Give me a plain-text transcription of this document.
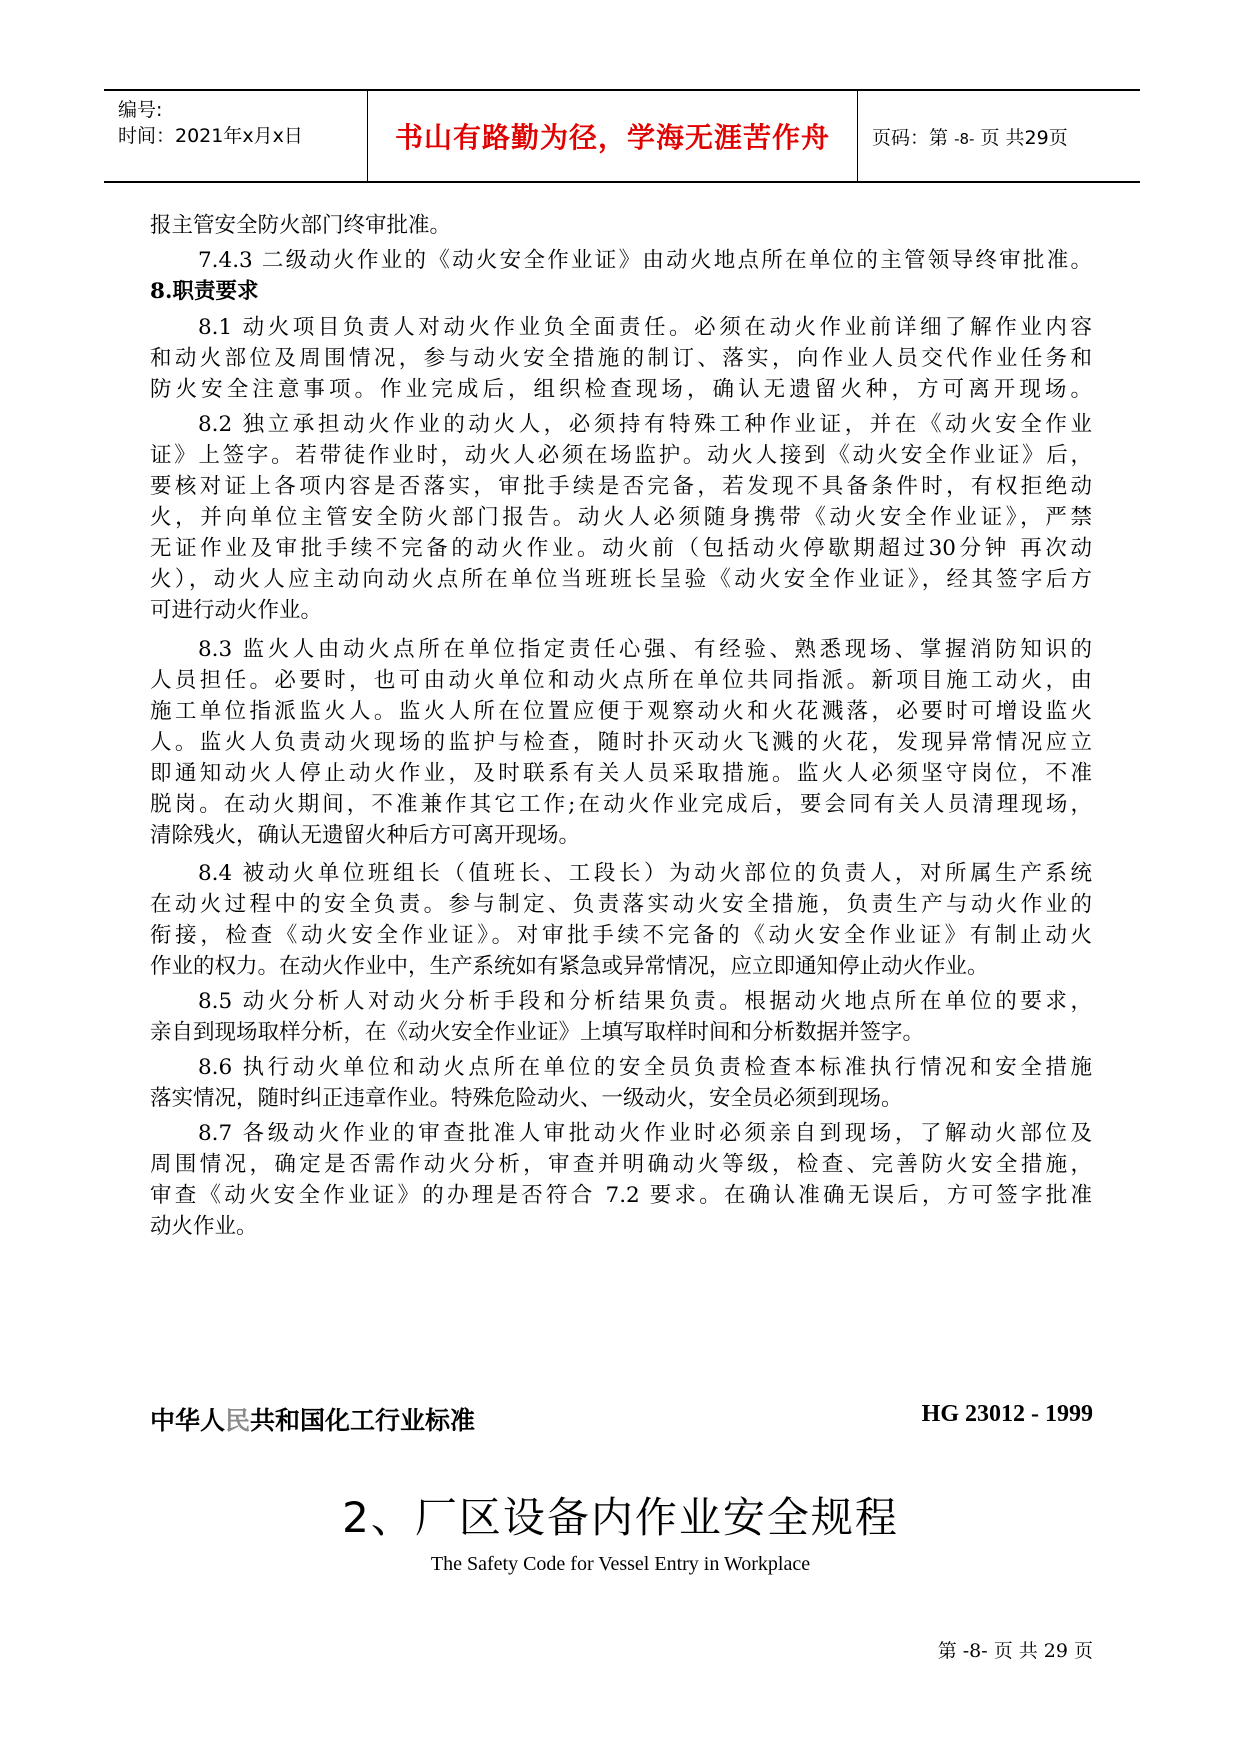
编号:
时间：2021年x月x日	书山有路勤为径，学海无涯苦作舟 页码：第 -8- 页 共29页
报主管安全防火部门终审批准。
7.4.3 二级动火作业的《动火安全作业证》由动火地点所在单位的主管领导终审批准。
8.职责要求
8.1 动火项目负责人对动火作业负全面责任。必须在动火作业前详细了解作业内容
和动火部位及周围情况，参与动火安全措施的制订、落实，向作业人员交代作业任务和
防火安全注意事项。作业完成后，组织检查现场，确认无遗留火种，方可离开现场。
8.2 独立承担动火作业的动火人，必须持有特殊工种作业证，并在《动火安全作业
证》上签字。若带徒作业时，动火人必须在场监护。动火人接到《动火安全作业证》后，
要核对证上各项内容是否落实，审批手续是否完备，若发现不具备条件时，有权拒绝动
火，并向单位主管安全防火部门报告。动火人必须随身携带《动火安全作业证》，严禁
无证作业及审批手续不完备的动火作业。动火前（包括动火停歇期超过30分钟 再次动
火），动火人应主动向动火点所在单位当班班长呈验《动火安全作业证》，经其签字后方
可进行动火作业。
8.3 监火人由动火点所在单位指定责任心强、有经验、熟悉现场、掌握消防知识的
人员担任。必要时，也可由动火单位和动火点所在单位共同指派。新项目施工动火，由
施工单位指派监火人。监火人所在位置应便于观察动火和火花溅落，必要时可增设监火
人。监火人负责动火现场的监护与检查，随时扑灭动火飞溅的火花，发现异常情况应立
即通知动火人停止动火作业，及时联系有关人员采取措施。监火人必须坚守岗位，不准
脱岗。在动火期间，不准兼作其它工作;在动火作业完成后，要会同有关人员清理现场，
清除残火，确认无遗留火种后方可离开现场。
8.4 被动火单位班组长（值班长、工段长）为动火部位的负责人，对所属生产系统
在动火过程中的安全负责。参与制定、负责落实动火安全措施，负责生产与动火作业的
衔接，检查《动火安全作业证》。对审批手续不完备的《动火安全作业证》有制止动火
作业的权力。在动火作业中，生产系统如有紧急或异常情况，应立即通知停止动火作业。
8.5 动火分析人对动火分析手段和分析结果负责。根据动火地点所在单位的要求，
亲自到现场取样分析，在《动火安全作业证》上填写取样时间和分析数据并签字。
8.6 执行动火单位和动火点所在单位的安全员负责检查本标准执行情况和安全措施
落实情况，随时纠正违章作业。特殊危险动火、一级动火，安全员必须到现场。
8.7 各级动火作业的审查批准人审批动火作业时必须亲自到现场，了解动火部位及
周围情况，确定是否需作动火分析，审查并明确动火等级，检查、完善防火安全措施，
审查《动火安全作业证》的办理是否符合 7.2 要求。在确认准确无误后，方可签字批准
动火作业。
中华人民共和国化工行业标准	HG 23012 - 1999
2、厂区设备内作业安全规程
The Safety Code for Vessel Entry in Workplace
第 -8- 页 共 29 页
